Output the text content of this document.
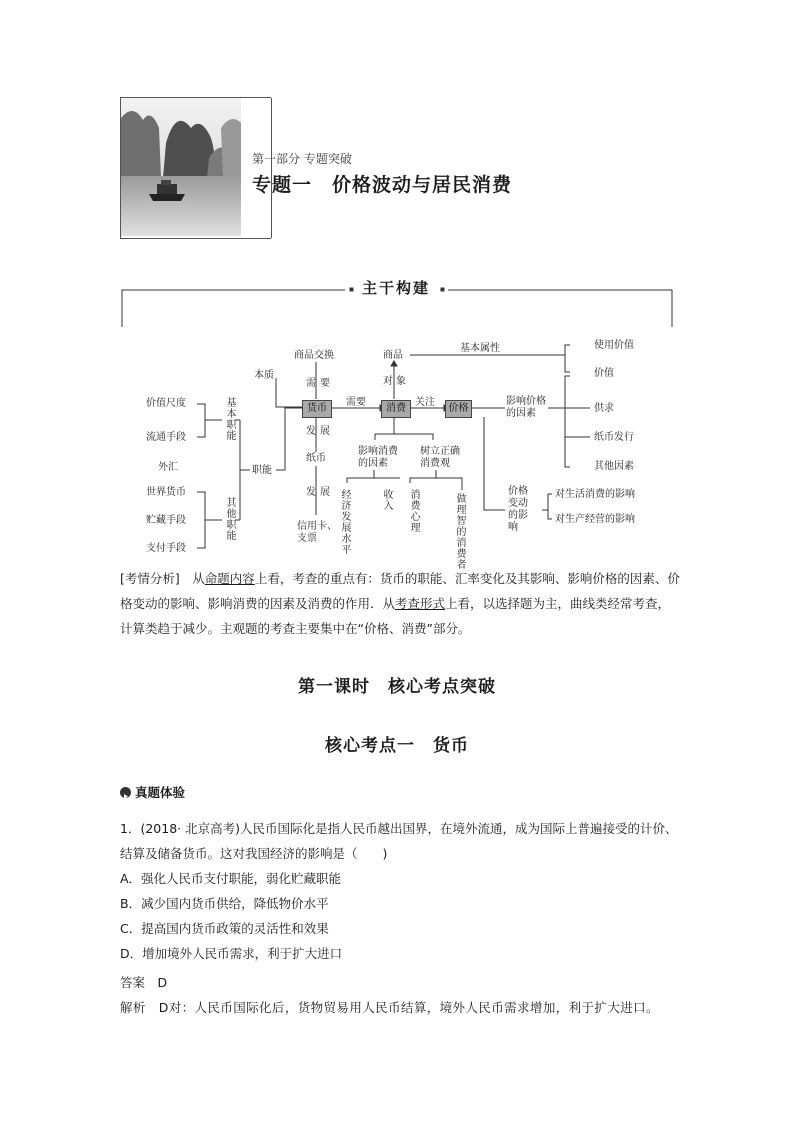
第一部分 专题突破
专题一　价格波动与居民消费
主干构建
商品交换
本质
需 要
货币
需要
消费
关注
价格
商品
对 象
基本属性	使用价值
价值
影响价格
的因素	供求
纸币发行
其他因素
价值尺度
流通手段
基本职能
职能
其他职能
外汇
世界货币
贮藏手段
支付手段
发 展
纸币
发 展
信用卡、
支票
影响消费
的因素
树立正确
消费观
经济发展水平
收入
消费心理
做理智的消费者
价格
变动
的影
响
对生活消费的影响
对生产经营的影响
[考情分析]　 从命题内容上看，考查的重点有：货币的职能、汇率变化及其影响、影响价格的因素、价格变动的影响、影响消费的因素及消费的作用．从考查形式上看，以选择题为主，曲线类经常考查，计算类趋于减少。主观题的考查主要集中在“价格、消费”部分。
第一课时　核心考点突破
核心考点一　货币
真题体验
1．(2018· 北京高考)人民币国际化是指人民币越出国界，在境外流通，成为国际上普遍接受的计价、结算及储备货币。这对我国经济的影响是（　　)
A．强化人民币支付职能，弱化贮藏职能
B．减少国内货币供给，降低物价水平
C．提高国内货币政策的灵活性和效果
D．增加境外人民币需求，利于扩大进口
答案　D
解析　D对：人民币国际化后，货物贸易用人民币结算，境外人民币需求增加，利于扩大进口。
